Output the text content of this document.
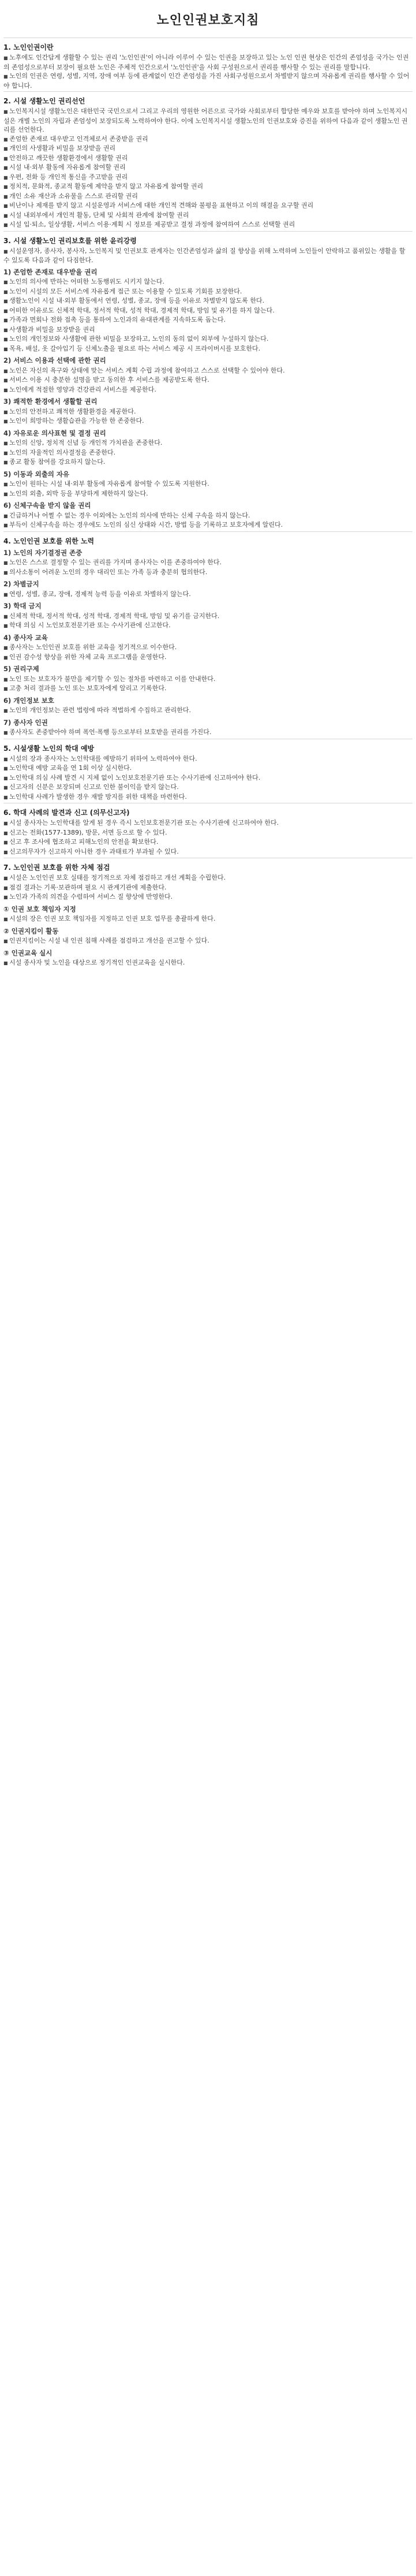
노인인권보호지침
1. 노인인권이란

■ 노후에도 인간답게 생활할 수 있는 권리 '노인인권'이 아니라 이루어 수 있는 인권을 보장하고 있는 노인 인권 현상은 인간의 존엄성을 국가는 인권의 존엄성으로부터 보장이 필요한 노인은 주체적 인간으로서 '노인인권'을 사회 구성원으로서 권리를 행사할 수 있는 권리를 말합니다.

■ 노인의 인권은 연령, 성별, 지역, 장애 여부 등에 관계없이 인간 존엄성을 가진 사회구성원으로서 차별받지 않으며 자유롭게 권리를 행사할 수 있어야 합니다.

2. 시설 생활노인 권리선언

■ 노인복지시설 생활노인은 대한민국 국민으로서 그리고 우리의 영원한 어른으로 국가와 사회로부터 합당한 예우와 보호를 받아야 하며 노인복지시설은 개별 노인의 자립과 존엄성이 보장되도록 노력하여야 한다. 이에 노인복지시설 생활노인의 인권보호와 증진을 위하여 다음과 같이 생활노인 권리를 선언한다.

■ 존엄한 존재로 대우받고 인격체로서 존중받을 권리

■ 개인의 사생활과 비밀을 보장받을 권리

■ 안전하고 깨끗한 생활환경에서 생활할 권리

■ 시설 내·외부 활동에 자유롭게 참여할 권리

■ 우편, 전화 등 개인적 통신을 주고받을 권리

■ 정치적, 문화적, 종교적 활동에 제약을 받지 않고 자유롭게 참여할 권리

■ 개인 소유 재산과 소유물을 스스로 관리할 권리

■ 비난이나 제재를 받지 않고 시설운영과 서비스에 대한 개인적 견해와 불평을 표현하고 이의 해결을 요구할 권리

■ 시설 내외부에서 개인적 활동, 단체 및 사회적 관계에 참여할 권리

■ 시설 입·퇴소, 일상생활, 서비스 이용·계획 시 정보를 제공받고 결정 과정에 참여하여 스스로 선택할 권리

3. 시설 생활노인 권리보호를 위한 윤리강령

■ 시설운영자, 종사자, 봉사자, 노인복지 및 인권보호 관계자는 인간존엄성과 삶의 질 향상을 위해 노력하며 노인들이 안락하고 품위있는 생활을 할 수 있도록 다음과 같이 다짐한다.

1) 존엄한 존재로 대우받을 권리

■ 노인의 의사에 반하는 어떠한 노동행위도 시키지 않는다.

■ 노인이 시설의 모든 서비스에 자유롭게 접근 또는 이용할 수 있도록 기회를 보장한다.

■ 생활노인이 시설 내·외부 활동에서 연령, 성별, 종교, 장애 등을 이유로 차별받지 않도록 한다.

■ 어떠한 이유로도 신체적 학대, 정서적 학대, 성적 학대, 경제적 학대, 방임 및 유기를 하지 않는다.

■ 가족과 면회나 전화 접촉 등을 통하여 노인과의 유대관계를 지속하도록 돕는다.

■ 사생활과 비밀을 보장받을 권리

■ 노인의 개인정보와 사생활에 관한 비밀을 보장하고, 노인의 동의 없이 외부에 누설하지 않는다.

■ 목욕, 배설, 옷 갈아입기 등 신체노출을 필요로 하는 서비스 제공 시 프라이버시를 보호한다.

2) 서비스 이용과 선택에 관한 권리

■ 노인은 자신의 욕구와 상태에 맞는 서비스 계획 수립 과정에 참여하고 스스로 선택할 수 있어야 한다.

■ 서비스 이용 시 충분한 설명을 받고 동의한 후 서비스를 제공받도록 한다.

■ 노인에게 적절한 영양과 건강관리 서비스를 제공한다.

3) 쾌적한 환경에서 생활할 권리

■ 노인의 안전하고 쾌적한 생활환경을 제공한다.

■ 노인이 희망하는 생활습관을 가능한 한 존중한다.

4) 자유로운 의사표현 및 결정 권리

■ 노인의 신앙, 정치적 신념 등 개인적 가치관을 존중한다.

■ 노인의 자율적인 의사결정을 존중한다.

■ 종교 활동 참여를 강요하지 않는다.

5) 이동과 외출의 자유

■ 노인이 원하는 시설 내·외부 활동에 자유롭게 참여할 수 있도록 지원한다.

■ 노인의 외출, 외박 등을 부당하게 제한하지 않는다.

6) 신체구속을 받지 않을 권리

■ 긴급하거나 어쩔 수 없는 경우 이외에는 노인의 의사에 반하는 신체 구속을 하지 않는다.

■ 부득이 신체구속을 하는 경우에도 노인의 심신 상태와 시간, 방법 등을 기록하고 보호자에게 알린다.

4. 노인인권 보호를 위한 노력

1) 노인의 자기결정권 존중

■ 노인은 스스로 결정할 수 있는 권리를 가지며 종사자는 이를 존중하여야 한다.

■ 의사소통이 어려운 노인의 경우 대리인 또는 가족 등과 충분히 협의한다.

2) 차별금지

■ 연령, 성별, 종교, 장애, 경제적 능력 등을 이유로 차별하지 않는다.

3) 학대 금지

■ 신체적 학대, 정서적 학대, 성적 학대, 경제적 학대, 방임 및 유기를 금지한다.

■ 학대 의심 시 노인보호전문기관 또는 수사기관에 신고한다.

4) 종사자 교육

■ 종사자는 노인인권 보호를 위한 교육을 정기적으로 이수한다.

■ 인권 감수성 향상을 위한 자체 교육 프로그램을 운영한다.

5) 권리구제

■ 노인 또는 보호자가 불만을 제기할 수 있는 절차를 마련하고 이를 안내한다.

■ 고충 처리 결과를 노인 또는 보호자에게 알리고 기록한다.

6) 개인정보 보호

■ 노인의 개인정보는 관련 법령에 따라 적법하게 수집하고 관리한다.

7) 종사자 인권

■ 종사자도 존중받아야 하며 폭언·폭행 등으로부터 보호받을 권리를 가진다.

5. 시설생활 노인의 학대 예방

■ 시설의 장과 종사자는 노인학대를 예방하기 위하여 노력하여야 한다.

■ 노인학대 예방 교육을 연 1회 이상 실시한다.

■ 노인학대 의심 사례 발견 시 지체 없이 노인보호전문기관 또는 수사기관에 신고하여야 한다.

■ 신고자의 신분은 보장되며 신고로 인한 불이익을 받지 않는다.

■ 노인학대 사례가 발생한 경우 재발 방지를 위한 대책을 마련한다.

6. 학대 사례의 발견과 신고 (의무신고자)

■ 시설 종사자는 노인학대를 알게 된 경우 즉시 노인보호전문기관 또는 수사기관에 신고하여야 한다.

■ 신고는 전화(1577-1389), 방문, 서면 등으로 할 수 있다.

■ 신고 후 조사에 협조하고 피해노인의 안전을 확보한다.

■ 신고의무자가 신고하지 아니한 경우 과태료가 부과될 수 있다.

7. 노인인권 보호를 위한 자체 점검

■ 시설은 노인인권 보호 실태를 정기적으로 자체 점검하고 개선 계획을 수립한다.

■ 점검 결과는 기록·보관하며 필요 시 관계기관에 제출한다.

■ 노인과 가족의 의견을 수렴하여 서비스 질 향상에 반영한다.

① 인권 보호 책임자 지정

■ 시설의 장은 인권 보호 책임자를 지정하고 인권 보호 업무를 총괄하게 한다.

② 인권지킴이 활동

■ 인권지킴이는 시설 내 인권 침해 사례를 점검하고 개선을 권고할 수 있다.

③ 인권교육 실시

■ 시설 종사자 및 노인을 대상으로 정기적인 인권교육을 실시한다.
